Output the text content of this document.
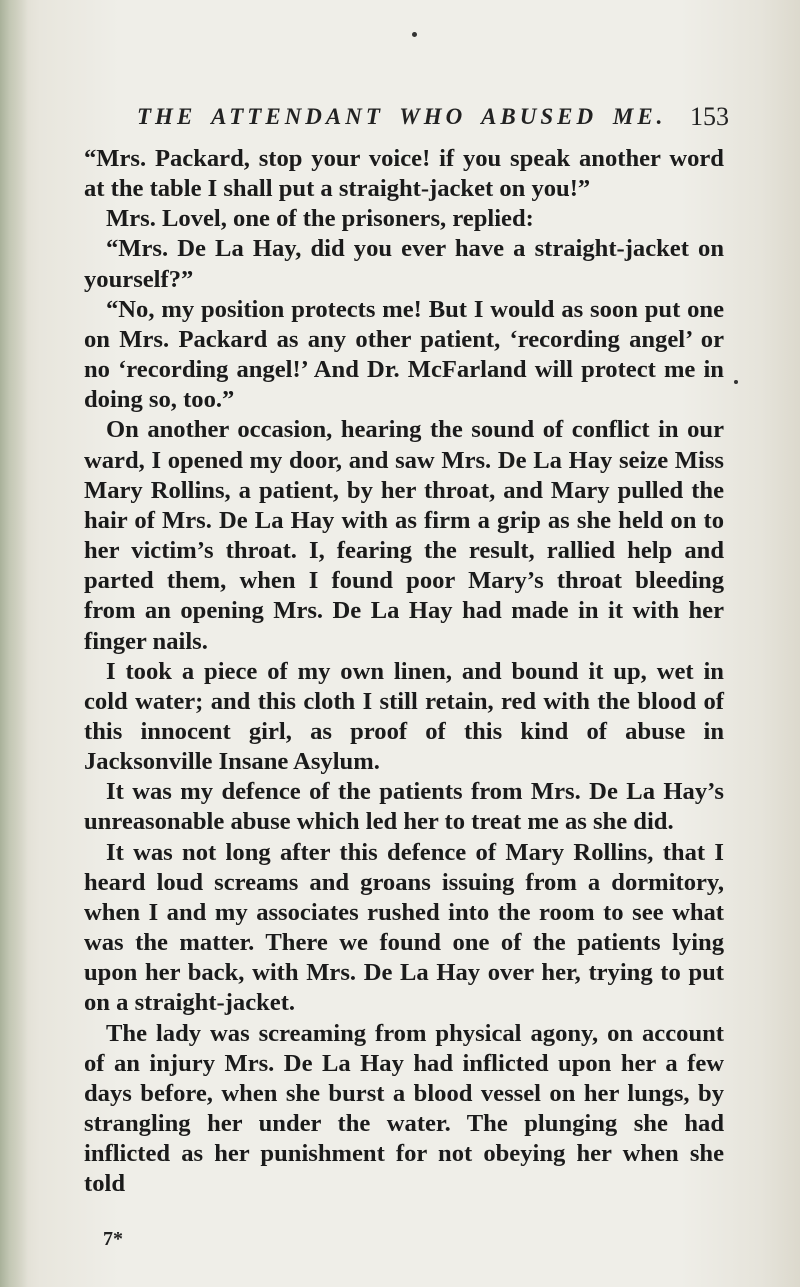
THE ATTENDANT WHO ABUSED ME. 153

“Mrs. Packard, stop your voice! if you speak another word at the table I shall put a straight-jacket on you!”

Mrs. Lovel, one of the prisoners, replied:

“Mrs. De La Hay, did you ever have a straight-jacket on yourself?”

“No, my position protects me! But I would as soon put one on Mrs. Packard as any other patient, ‘recording angel’ or no ‘recording angel!’ And Dr. McFarland will protect me in doing so, too.”

On another occasion, hearing the sound of conflict in our ward, I opened my door, and saw Mrs. De La Hay seize Miss Mary Rollins, a patient, by her throat, and Mary pulled the hair of Mrs. De La Hay with as firm a grip as she held on to her victim’s throat. I, fearing the result, rallied help and parted them, when I found poor Mary’s throat bleeding from an opening Mrs. De La Hay had made in it with her finger nails.

I took a piece of my own linen, and bound it up, wet in cold water; and this cloth I still retain, red with the blood of this innocent girl, as proof of this kind of abuse in Jacksonville Insane Asylum.

It was my defence of the patients from Mrs. De La Hay’s unreasonable abuse which led her to treat me as she did.

It was not long after this defence of Mary Rollins, that I heard loud screams and groans issuing from a dormitory, when I and my associates rushed into the room to see what was the matter. There we found one of the patients lying upon her back, with Mrs. De La Hay over her, trying to put on a straight-jacket.

The lady was screaming from physical agony, on account of an injury Mrs. De La Hay had inflicted upon her a few days before, when she burst a blood vessel on her lungs, by strangling her under the water. The plunging she had inflicted as her punishment for not obeying her when she told

7*
